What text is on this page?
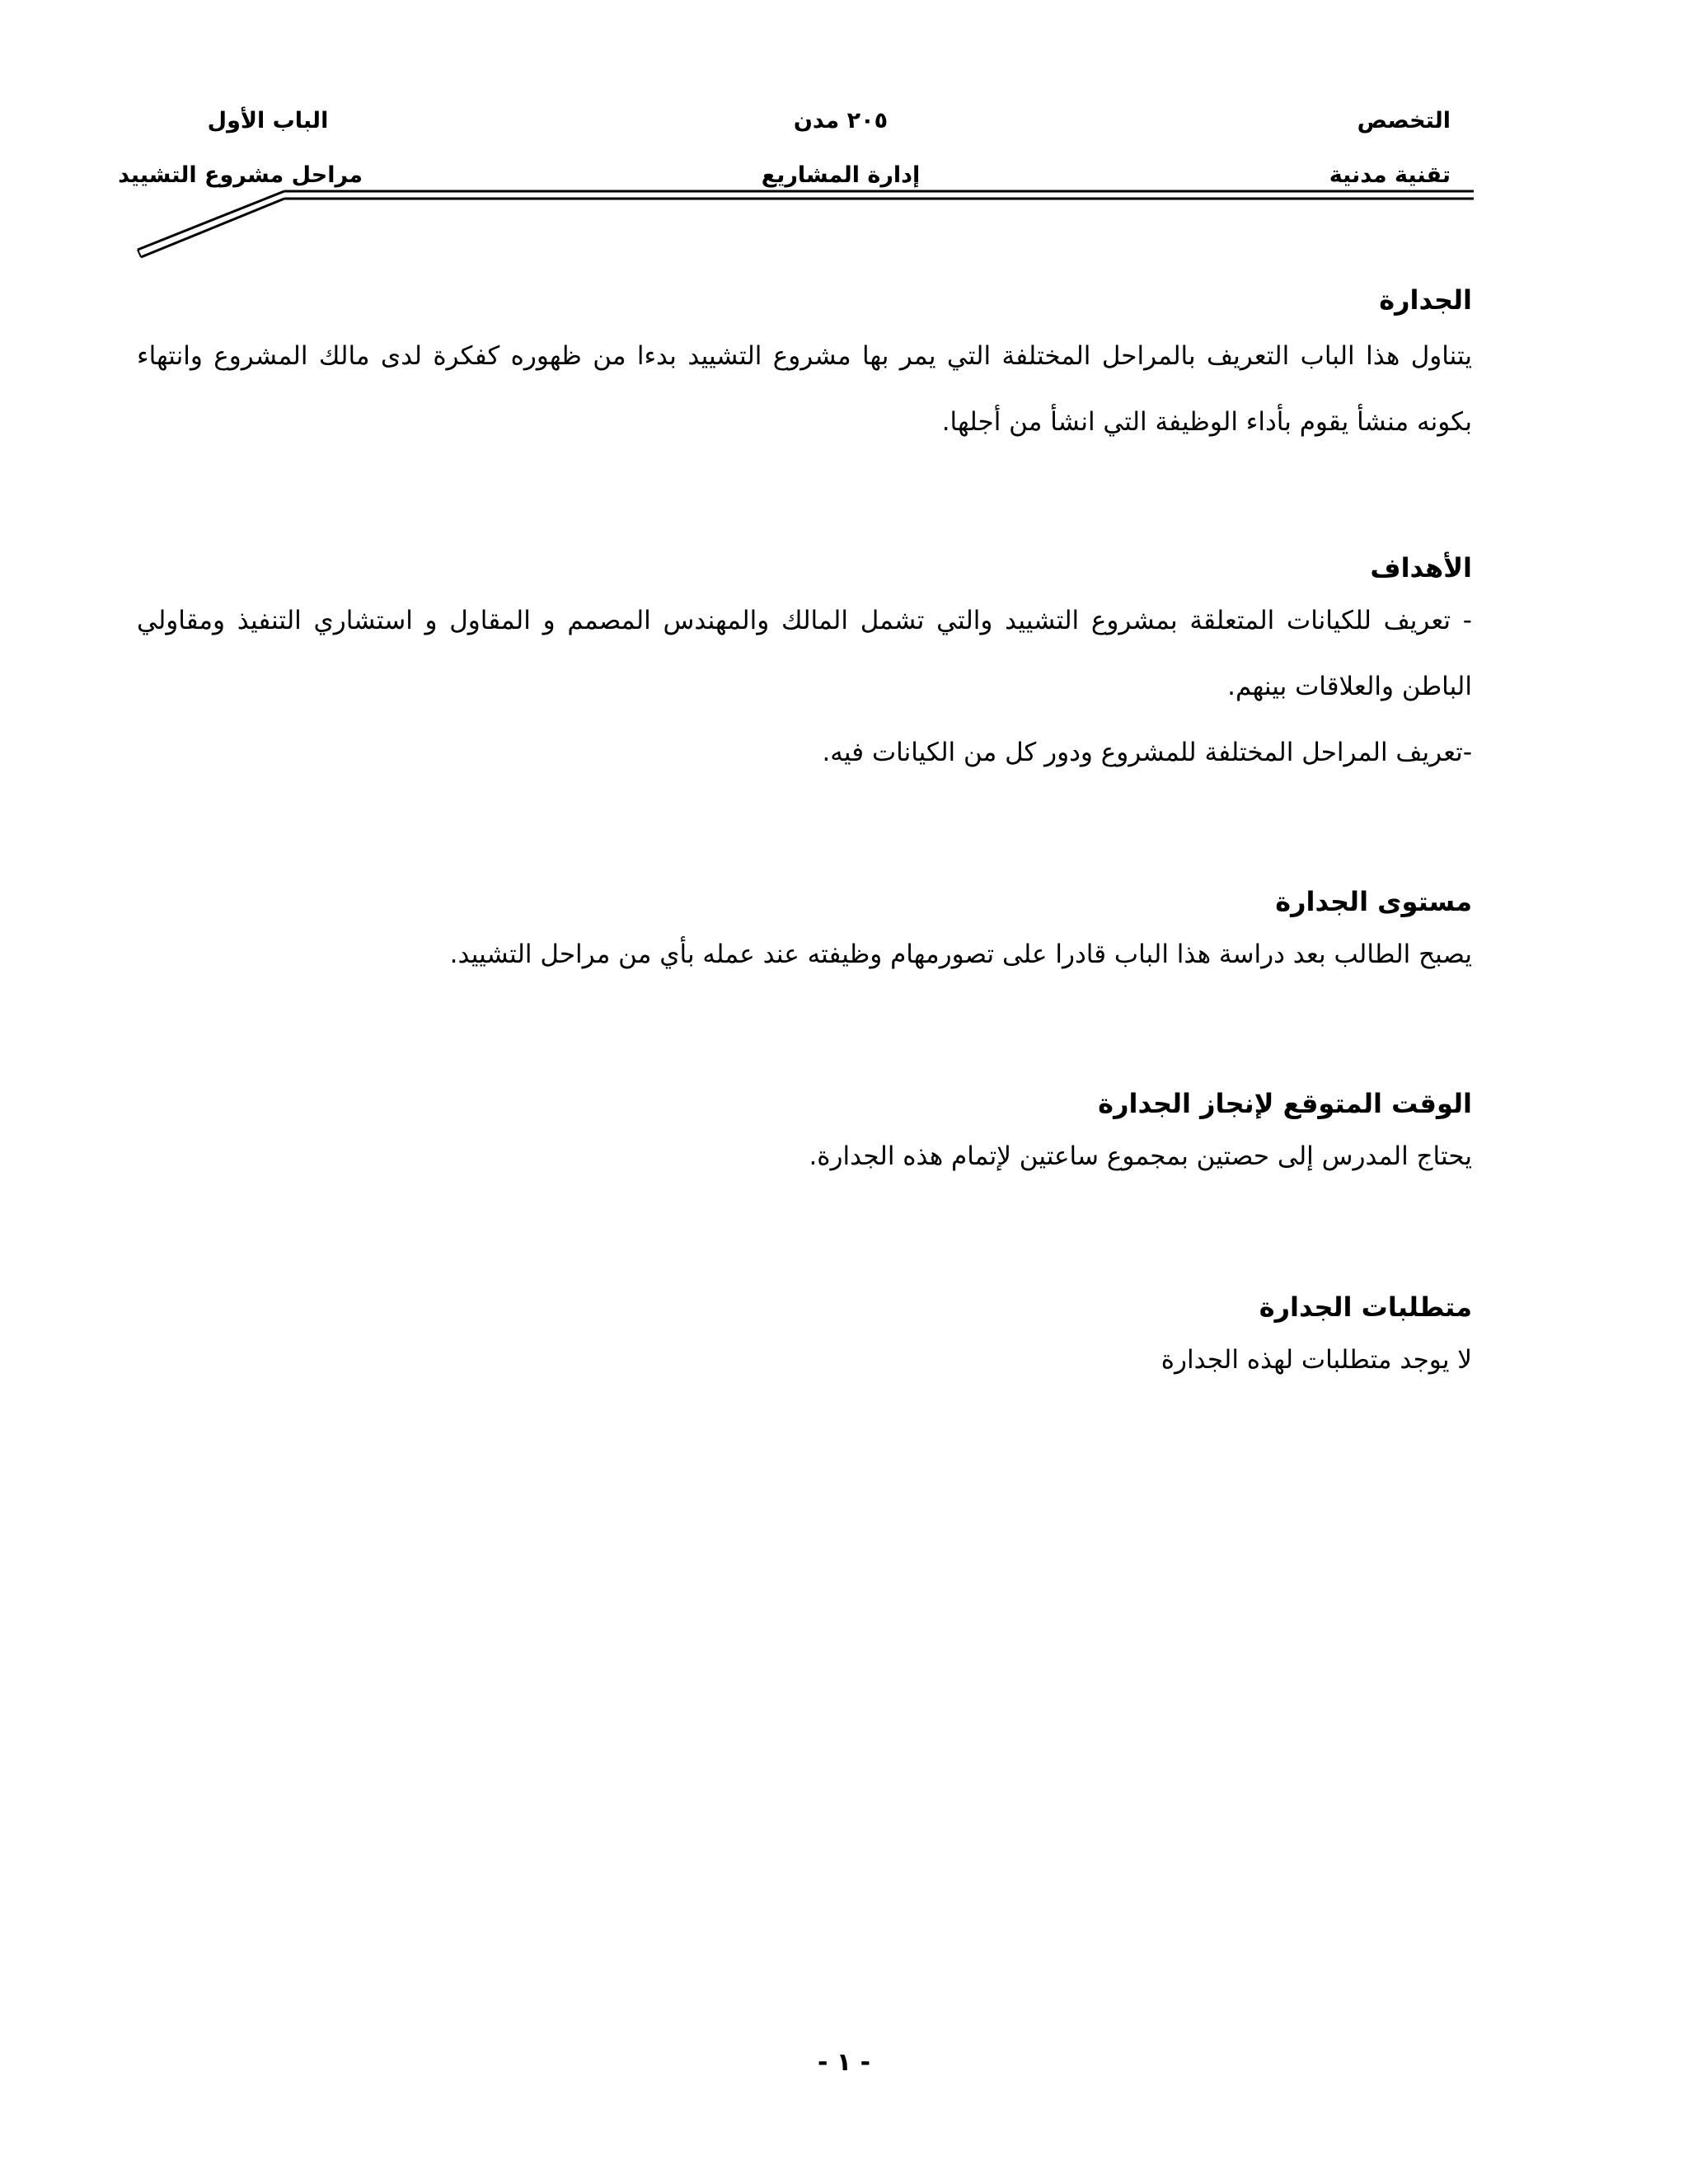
التخصص
تقنية مدنية
٢٠٥ مدن
إدارة المشاريع
الباب الأول
مراحل مشروع التشييد
الجدارة

يتناول هذا الباب التعريف بالمراحل المختلفة التي يمر بها مشروع التشييد بدءا من ظهوره كفكرة لدى مالك المشروع وانتهاء بكونه منشأ يقوم بأداء الوظيفة التي انشأ من أجلها.

الأهداف

- تعريف للكيانات المتعلقة بمشروع التشييد والتي تشمل المالك والمهندس المصمم و المقاول و استشاري التنفيذ ومقاولي الباطن والعلاقات بينهم.

-تعريف المراحل المختلفة للمشروع ودور كل من الكيانات فيه.

مستوى الجدارة

يصبح الطالب بعد دراسة هذا الباب قادرا على تصورمهام وظيفته عند عمله بأي من مراحل التشييد.

الوقت المتوقع لإنجاز الجدارة

يحتاج المدرس إلى حصتين بمجموع ساعتين لإتمام هذه الجدارة.

متطلبات الجدارة

لا يوجد متطلبات لهذه الجدارة

- ١ -
